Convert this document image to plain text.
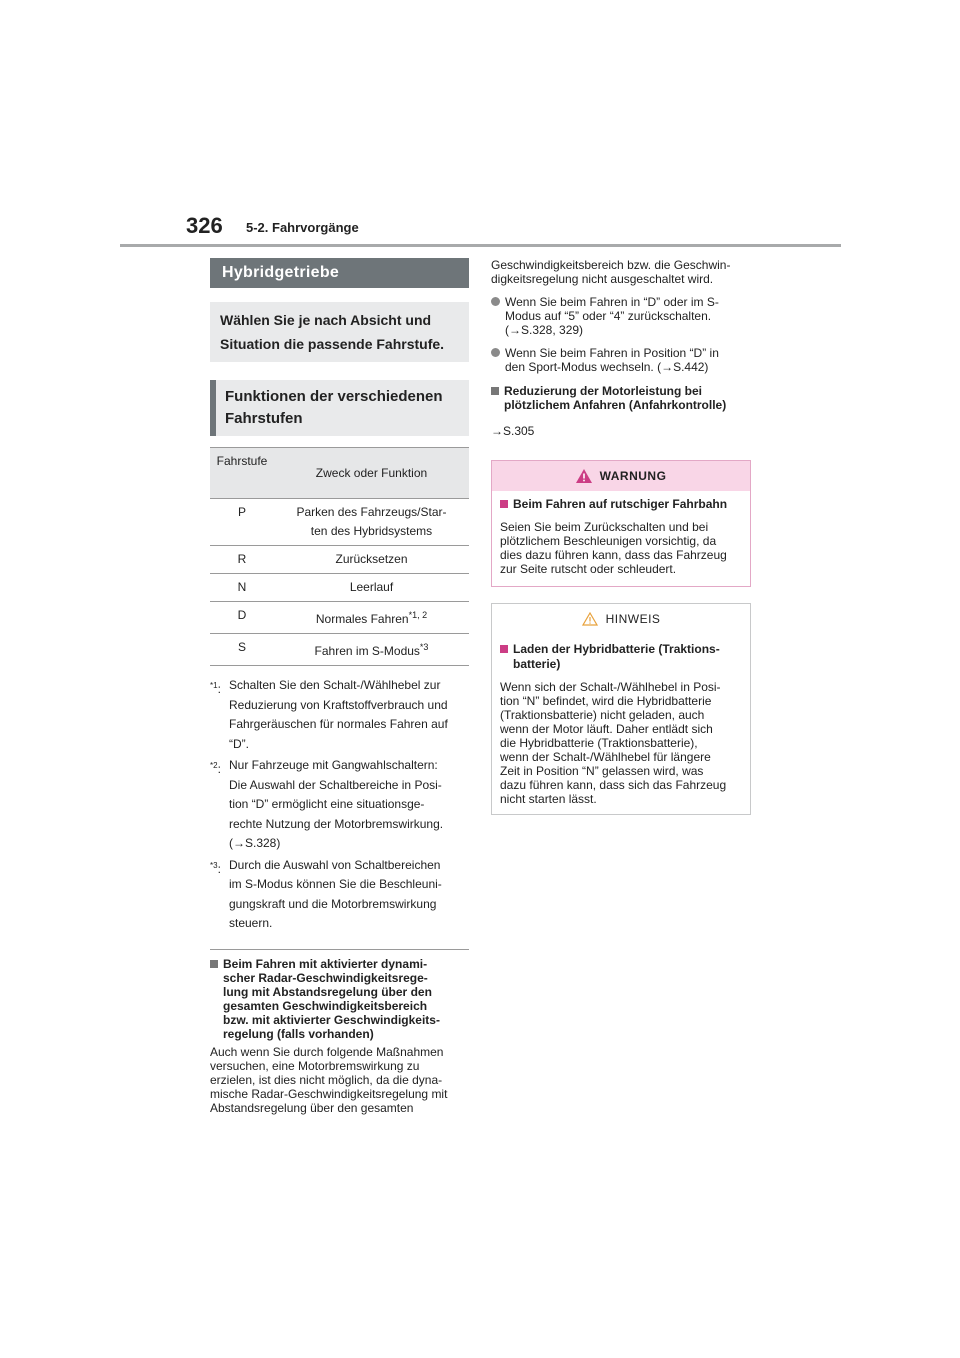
326 5-2. Fahrvorgänge
Hybridgetriebe
Wählen Sie je nach Absicht und Situation die passende Fahrstufe.
Funktionen der verschiedenen Fahrstufen
Fahrstufe	Zweck oder Funktion
P	Parken des Fahrzeugs/Star-
ten des Hybridsystems
R	Zurücksetzen
N	Leerlauf
D	Normales Fahren$^{*1, 2}$
S	Fahren im S-Modus$^{*3}$
$^{*1}$: Schalten Sie den Schalt-/Wählhebel zur
Reduzierung von Kraftstoffverbrauch und
Fahrgeräuschen für normales Fahren auf
“D”.
$^{*2}$: Nur Fahrzeuge mit Gangwahlschaltern:
Die Auswahl der Schaltbereiche in Posi-
tion “D” ermöglicht eine situationsge-
rechte Nutzung der Motorbremswirkung.
(→S.328)
$^{*3}$: Durch die Auswahl von Schaltbereichen
im S-Modus können Sie die Beschleuni-
gungskraft und die Motorbremswirkung
steuern.
Beim Fahren mit aktivierter dynami-
scher Radar-Geschwindigkeitsrege-
lung mit Abstandsregelung über den
gesamten Geschwindigkeitsbereich
bzw. mit aktivierter Geschwindigkeits-
regelung (falls vorhanden)
Auch wenn Sie durch folgende Maßnahmen
versuchen, eine Motorbremswirkung zu
erzielen, ist dies nicht möglich, da die dyna-
mische Radar-Geschwindigkeitsregelung mit
Abstandsregelung über den gesamten
Geschwindigkeitsbereich bzw. die Geschwin-
digkeitsregelung nicht ausgeschaltet wird.
Wenn Sie beim Fahren in “D” oder im S-
Modus auf “5” oder “4” zurückschalten.
(→S.328, 329)
Wenn Sie beim Fahren in Position “D” in
den Sport-Modus wechseln. (→S.442)
Reduzierung der Motorleistung bei
plötzlichem Anfahren (Anfahrkontrolle)
→S.305
WARNUNG
Beim Fahren auf rutschiger Fahrbahn
Seien Sie beim Zurückschalten und bei
plötzlichem Beschleunigen vorsichtig, da
dies dazu führen kann, dass das Fahrzeug
zur Seite rutscht oder schleudert.
HINWEIS
Laden der Hybridbatterie (Traktions-
batterie)
Wenn sich der Schalt-/Wählhebel in Posi-
tion “N” befindet, wird die Hybridbatterie
(Traktionsbatterie) nicht geladen, auch
wenn der Motor läuft. Daher entlädt sich
die Hybridbatterie (Traktionsbatterie),
wenn der Schalt-/Wählhebel für längere
Zeit in Position “N” gelassen wird, was
dazu führen kann, dass sich das Fahrzeug
nicht starten lässt.
